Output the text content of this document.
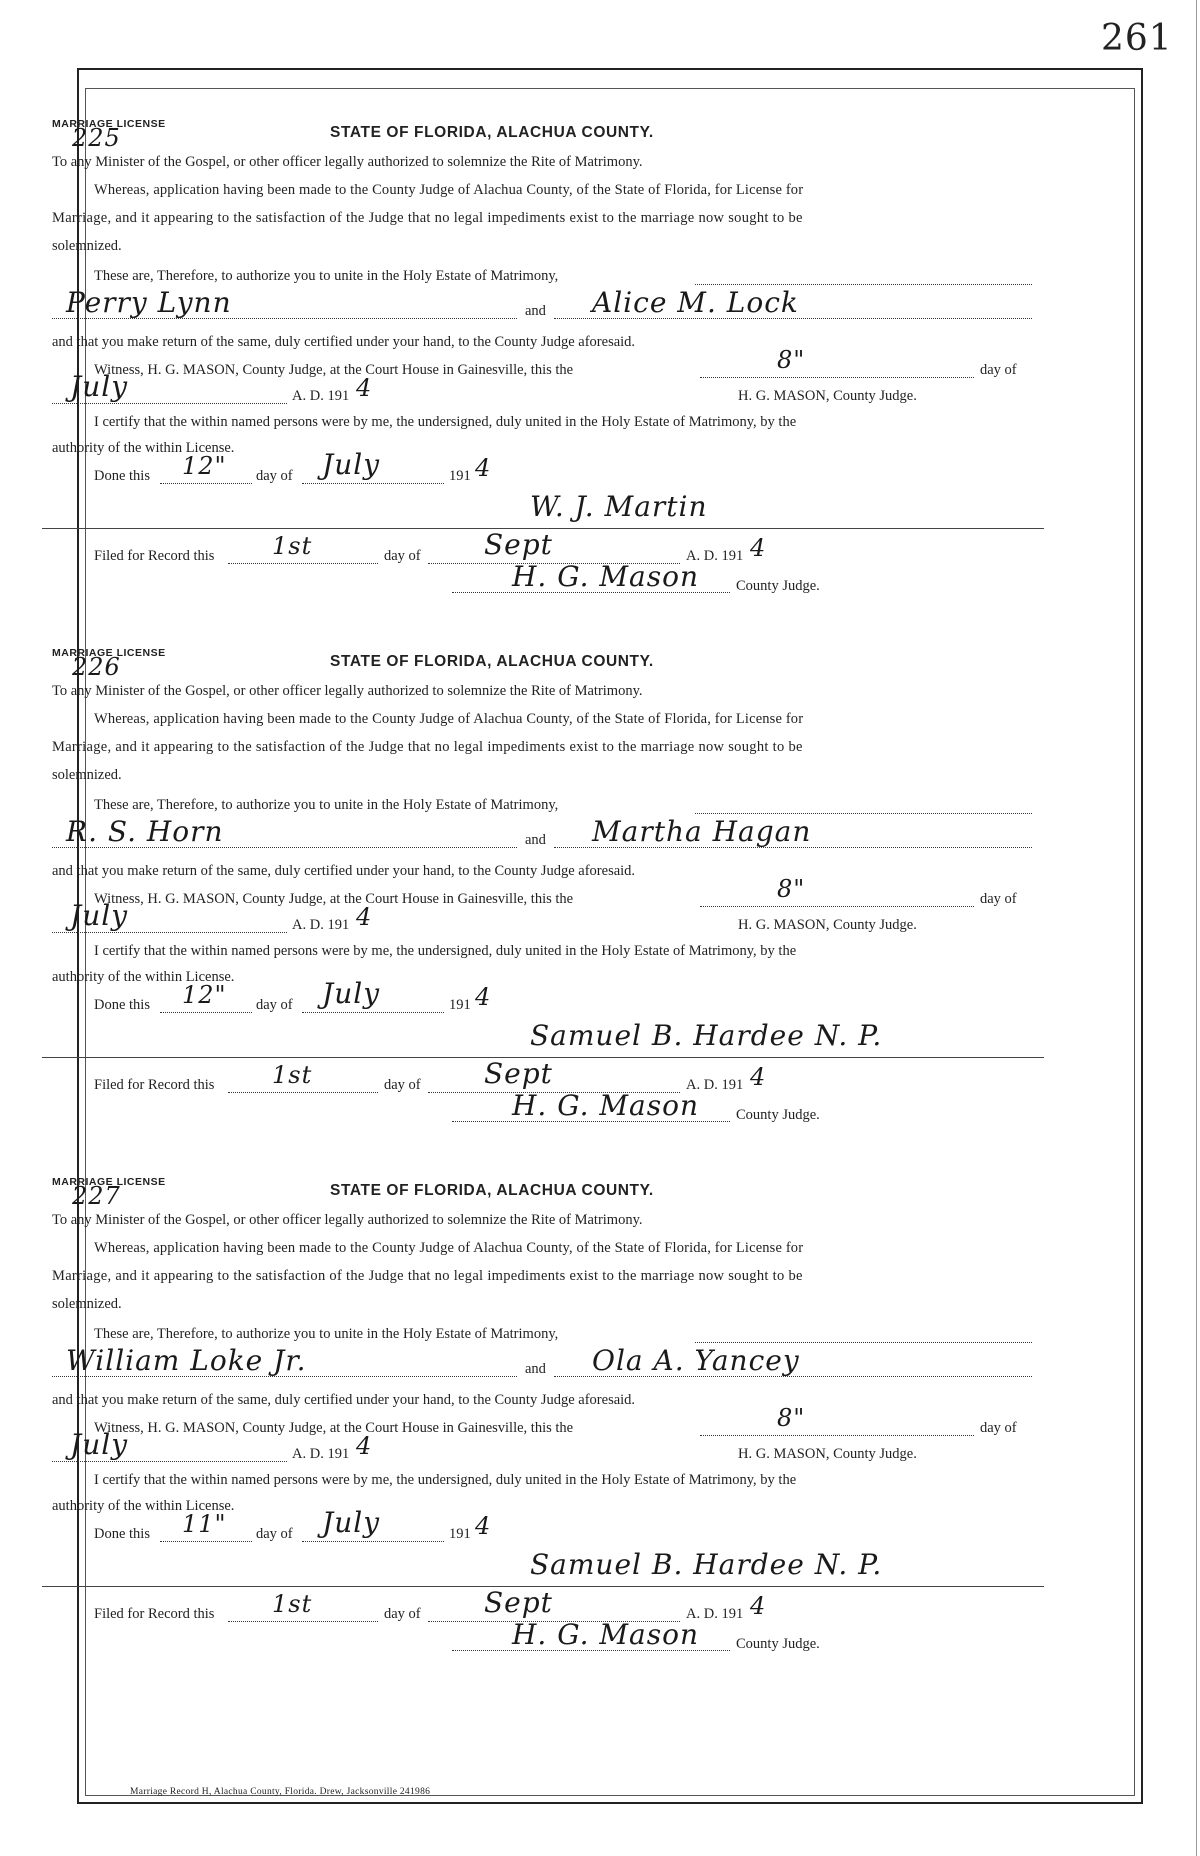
261
MARRIAGE LICENSE
225	STATE OF FLORIDA, ALACHUA COUNTY.
To any Minister of the Gospel, or other officer legally authorized to solemnize the Rite of Matrimony.
Whereas, application having been made to the County Judge of Alachua County, of the State of Florida, for License for
Marriage, and it appearing to the satisfaction of the Judge that no legal impediments exist to the marriage now sought to be
solemnized.
These are, Therefore, to authorize you to unite in the Holy Estate of Matrimony,
Perry Lynn	and Alice M. Lock
and that you make return of the same, duly certified under your hand, to the County Judge aforesaid.
Witness, H. G. MASON, County Judge, at the Court House in Gainesville, this the	8"	day of
July	A. D. 191 4	H. G. MASON, County Judge.
I certify that the within named persons were by me, the undersigned, duly united in the Holy Estate of Matrimony, by the
authority of the within License.
Done this 12" day of July	191 4
W. J. Martin
Filed for Record this 1st	day of Sept	A. D. 191 4
H. G. Mason	County Judge.
MARRIAGE LICENSE
226	STATE OF FLORIDA, ALACHUA COUNTY.
To any Minister of the Gospel, or other officer legally authorized to solemnize the Rite of Matrimony.
Whereas, application having been made to the County Judge of Alachua County, of the State of Florida, for License for
Marriage, and it appearing to the satisfaction of the Judge that no legal impediments exist to the marriage now sought to be
solemnized.
These are, Therefore, to authorize you to unite in the Holy Estate of Matrimony,
R. S. Horn	and Martha Hagan
and that you make return of the same, duly certified under your hand, to the County Judge aforesaid.
Witness, H. G. MASON, County Judge, at the Court House in Gainesville, this the	8"	day of
July	A. D. 191 4	H. G. MASON, County Judge.
I certify that the within named persons were by me, the undersigned, duly united in the Holy Estate of Matrimony, by the
authority of the within License.
Done this 12" day of July	191 4
Samuel B. Hardee N. P.
Filed for Record this 1st	day of Sept	A. D. 191 4
H. G. Mason	County Judge.
MARRIAGE LICENSE
227	STATE OF FLORIDA, ALACHUA COUNTY.
To any Minister of the Gospel, or other officer legally authorized to solemnize the Rite of Matrimony.
Whereas, application having been made to the County Judge of Alachua County, of the State of Florida, for License for
Marriage, and it appearing to the satisfaction of the Judge that no legal impediments exist to the marriage now sought to be
solemnized.
These are, Therefore, to authorize you to unite in the Holy Estate of Matrimony,
William Loke Jr.	and Ola A. Yancey
and that you make return of the same, duly certified under your hand, to the County Judge aforesaid.
Witness, H. G. MASON, County Judge, at the Court House in Gainesville, this the	8"	day of
July	A. D. 191 4	H. G. MASON, County Judge.
I certify that the within named persons were by me, the undersigned, duly united in the Holy Estate of Matrimony, by the
authority of the within License.
Done this 11" day of July	191 4
Samuel B. Hardee N. P.
Filed for Record this 1st	day of Sept	A. D. 191 4
H. G. Mason	County Judge.
Marriage Record H, Alachua County, Florida. Drew, Jacksonville 241986
